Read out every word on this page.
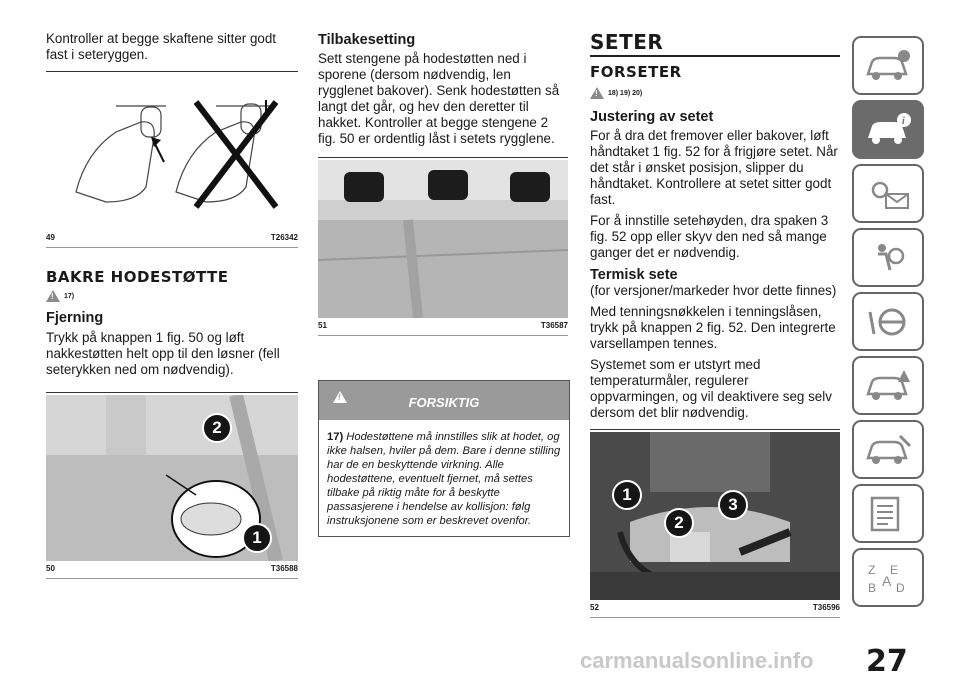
Kontroller at begge skaftene sitter godt fast i seteryggen.

49	T26342
BAKRE HODESTØTTE
! 17)
Fjerning

Trykk på knappen 1 fig. 50 og løft nakkestøtten helt opp til den løsner (fell seterykken ned om nødvendig).

2
1
50	T36588
Tilbakesetting

Sett stengene på hodestøtten ned i sporene (dersom nødvendig, len rygglenet bakover). Senk hodestøtten så langt det går, og hev den deretter til hakket. Kontroller at begge stengene 2 fig. 50 er ordentlig låst i setets rygglene.

51	T36587
!	FORSIKTIG
17) Hodestøttene må innstilles slik at hodet, og ikke halsen, hviler på dem. Bare i denne stilling har de en beskyttende virkning. Alle hodestøttene, eventuelt fjernet, må settes tilbake på riktig måte for å beskytte passasjerene i hendelse av kollisjon: følg instruksjonene som er beskrevet ovenfor.
SETER
FORSETER
! 18) 19) 20)
Justering av setet

For å dra det fremover eller bakover, løft håndtaket 1 fig. 52 for å frigjøre setet. Når det står i ønsket posisjon, slipper du håndtaket. Kontrollere at setet sitter godt fast.

For å innstille setehøyden, dra spaken 3 fig. 52 opp eller skyv den ned så mange ganger det er nødvendig.

Termisk sete

(for versjoner/markeder hvor dette finnes)

Med tenningsnøkkelen i tenningslåsen, trykk på knappen 2 fig. 52. Den integrerte varsellampen tennes.

Systemet som er utstyrt med temperaturmåler, regulerer oppvarmingen, og vil deaktivere seg selv dersom det blir nødvendig.

1
2
3
52	T36596
i
Z E
B A D
carmanualsonline.info 27
